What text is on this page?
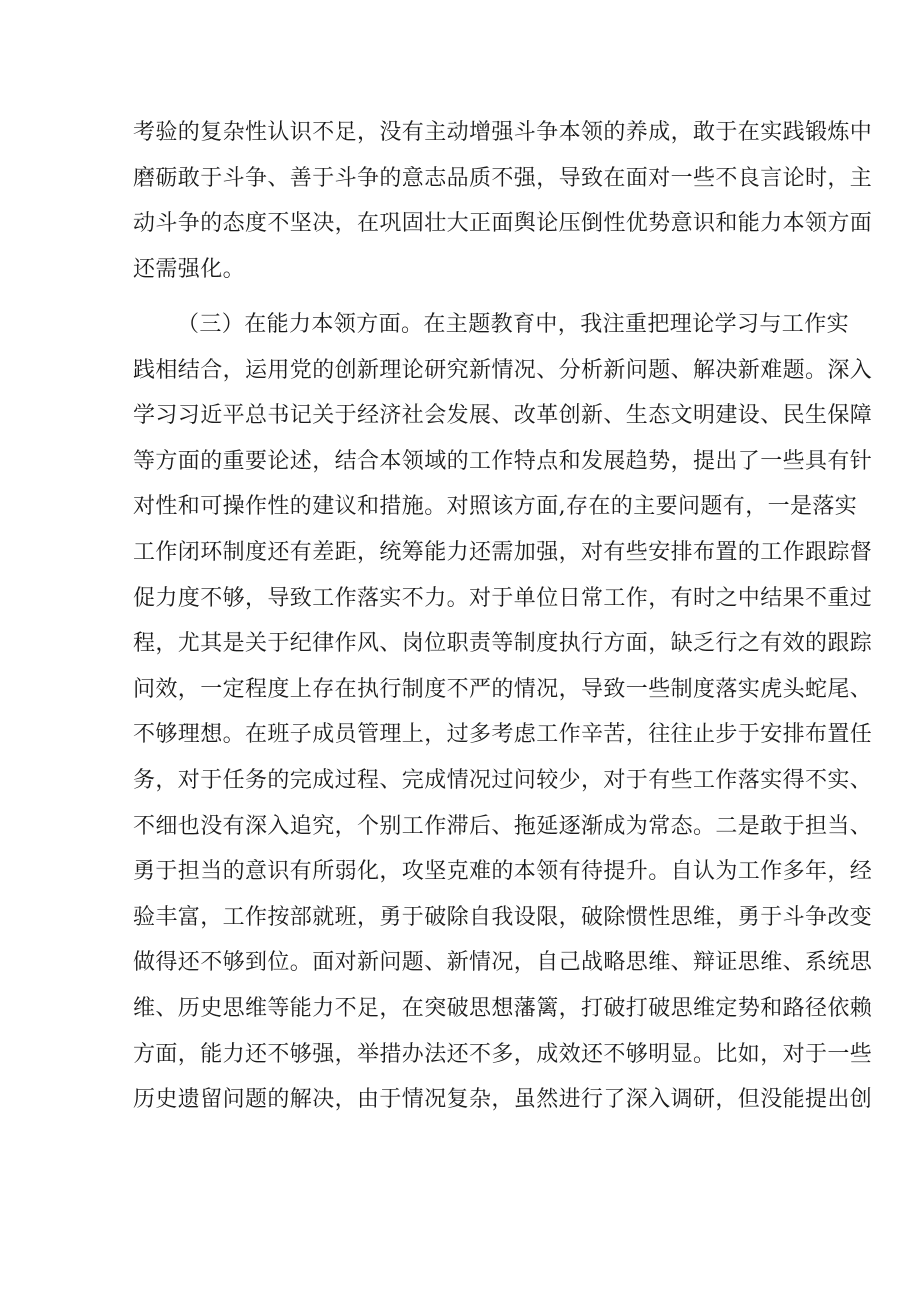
考验的复杂性认识不足，没有主动增强斗争本领的养成，敢于在实践锻炼中
磨砺敢于斗争、善于斗争的意志品质不强，导致在面对一些不良言论时，主
动斗争的态度不坚决，在巩固壮大正面舆论压倒性优势意识和能力本领方面
还需强化。
（三）在能力本领方面。在主题教育中，我注重把理论学习与工作实
践相结合，运用党的创新理论研究新情况、分析新问题、解决新难题。深入
学习习近平总书记关于经济社会发展、改革创新、生态文明建设、民生保障
等方面的重要论述，结合本领域的工作特点和发展趋势，提出了一些具有针
对性和可操作性的建议和措施。对照该方面,存在的主要问题有，一是落实
工作闭环制度还有差距，统筹能力还需加强，对有些安排布置的工作跟踪督
促力度不够，导致工作落实不力。对于单位日常工作，有时之中结果不重过
程，尤其是关于纪律作风、岗位职责等制度执行方面，缺乏行之有效的跟踪
问效，一定程度上存在执行制度不严的情况，导致一些制度落实虎头蛇尾、
不够理想。在班子成员管理上，过多考虑工作辛苦，往往止步于安排布置任
务，对于任务的完成过程、完成情况过问较少，对于有些工作落实得不实、
不细也没有深入追究，个别工作滞后、拖延逐渐成为常态。二是敢于担当、
勇于担当的意识有所弱化，攻坚克难的本领有待提升。自认为工作多年，经
验丰富，工作按部就班，勇于破除自我设限，破除惯性思维，勇于斗争改变
做得还不够到位。面对新问题、新情况，自己战略思维、辩证思维、系统思
维、历史思维等能力不足，在突破思想藩篱，打破打破思维定势和路径依赖
方面，能力还不够强，举措办法还不多，成效还不够明显。比如，对于一些
历史遗留问题的解决，由于情况复杂，虽然进行了深入调研，但没能提出创
